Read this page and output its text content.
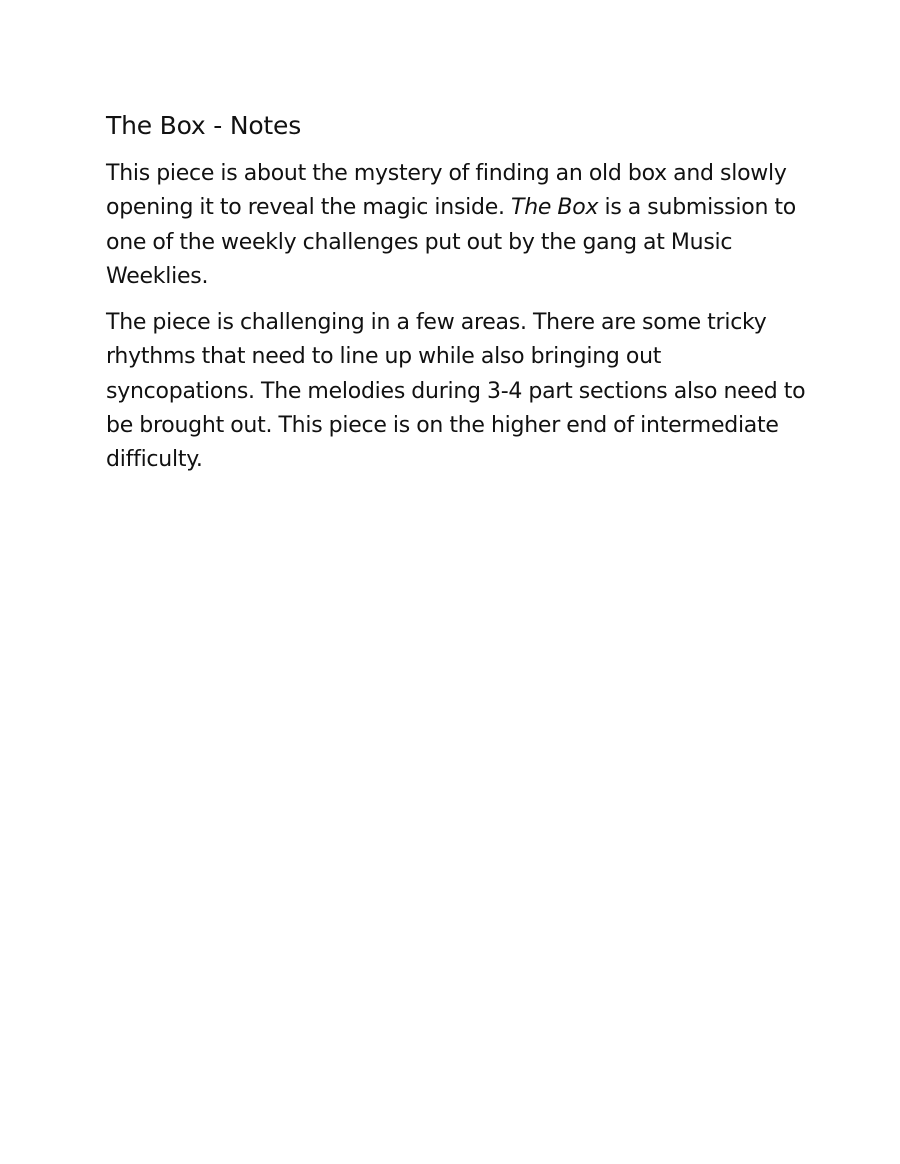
The Box - Notes

This piece is about the mystery of finding an old box and slowly opening it to reveal the magic inside. The Box is a submission to one of the weekly challenges put out by the gang at Music Weeklies.

The piece is challenging in a few areas. There are some tricky rhythms that need to line up while also bringing out syncopations. The melodies during 3-4 part sections also need to be brought out. This piece is on the higher end of intermediate difficulty.
